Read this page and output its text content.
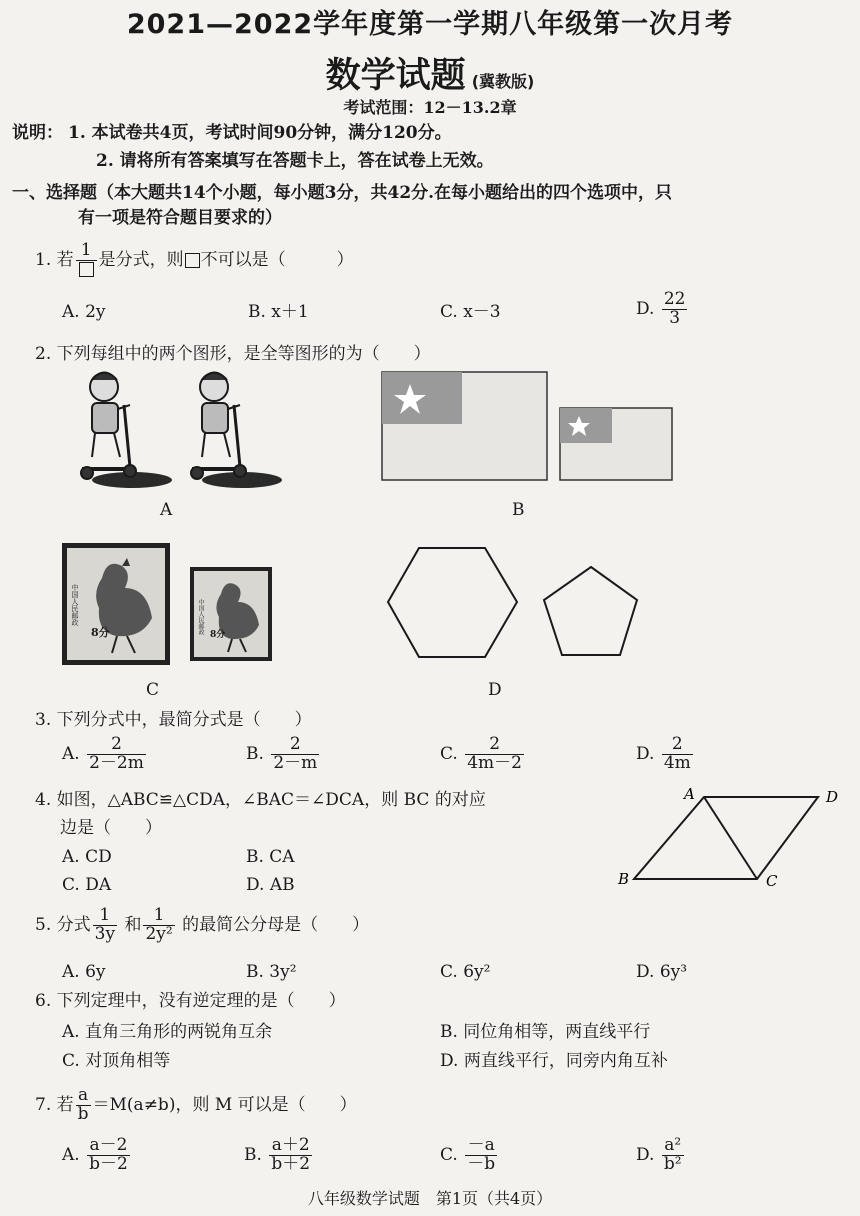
2021—2022学年度第一学期八年级第一次月考
数学试题 (冀教版)
考试范围：12－13.2章
说明： 1. 本试卷共4页，考试时间90分钟，满分120分。
2. 请将所有答案填写在答题卡上，答在试卷上无效。
一、选择题（本大题共14个小题，每小题3分，共42分.在每小题给出的四个选项中，只
有一项是符合题目要求的）
1. 若 1 是分式，则 不可以是（　　　）
A. 2y	B. x＋1	C. x－3	D. $\frac{22}{3}$
2. 下列每组中的两个图形，是全等图形的为（　　）
A	B
中国人民邮政
8分	中国人民邮政 8分
C	D
3. 下列分式中，最简分式是（　　）
A. $\frac{2}{2-2m}$	B. $\frac{2}{2-m}$	C. $\frac{2}{4m-2}$	D. $\frac{2}{4m}$
4. 如图，△ABC≌△CDA，∠BAC＝∠DCA，则 BC 的对应
边是（　　）
A. CD	B. CA
C. DA	D. AB
A
B	C
D
5. 分式 $\frac{1}{3y}$ 和 $\frac{1}{\text{2y²}}$ 的最简公分母是（　　）
A. 6y	B. 3y²	C. 6y²	D. 6y³
6. 下列定理中，没有逆定理的是（　　）
A. 直角三角形的两锐角互余	B. 同位角相等，两直线平行
C. 对顶角相等	D. 两直线平行，同旁内角互补
7. 若 $\frac{a}{b} =M(a\ne b)$，则 M 可以是（　　）
A. $\frac{a-2}{b-2}$	B. $\frac{a+2}{b+2}$	C. $\frac{-a}{-b}$	D. $\frac{\text{a²}}{\text{b²}}$
八年级数学试题　第1页（共4页）
